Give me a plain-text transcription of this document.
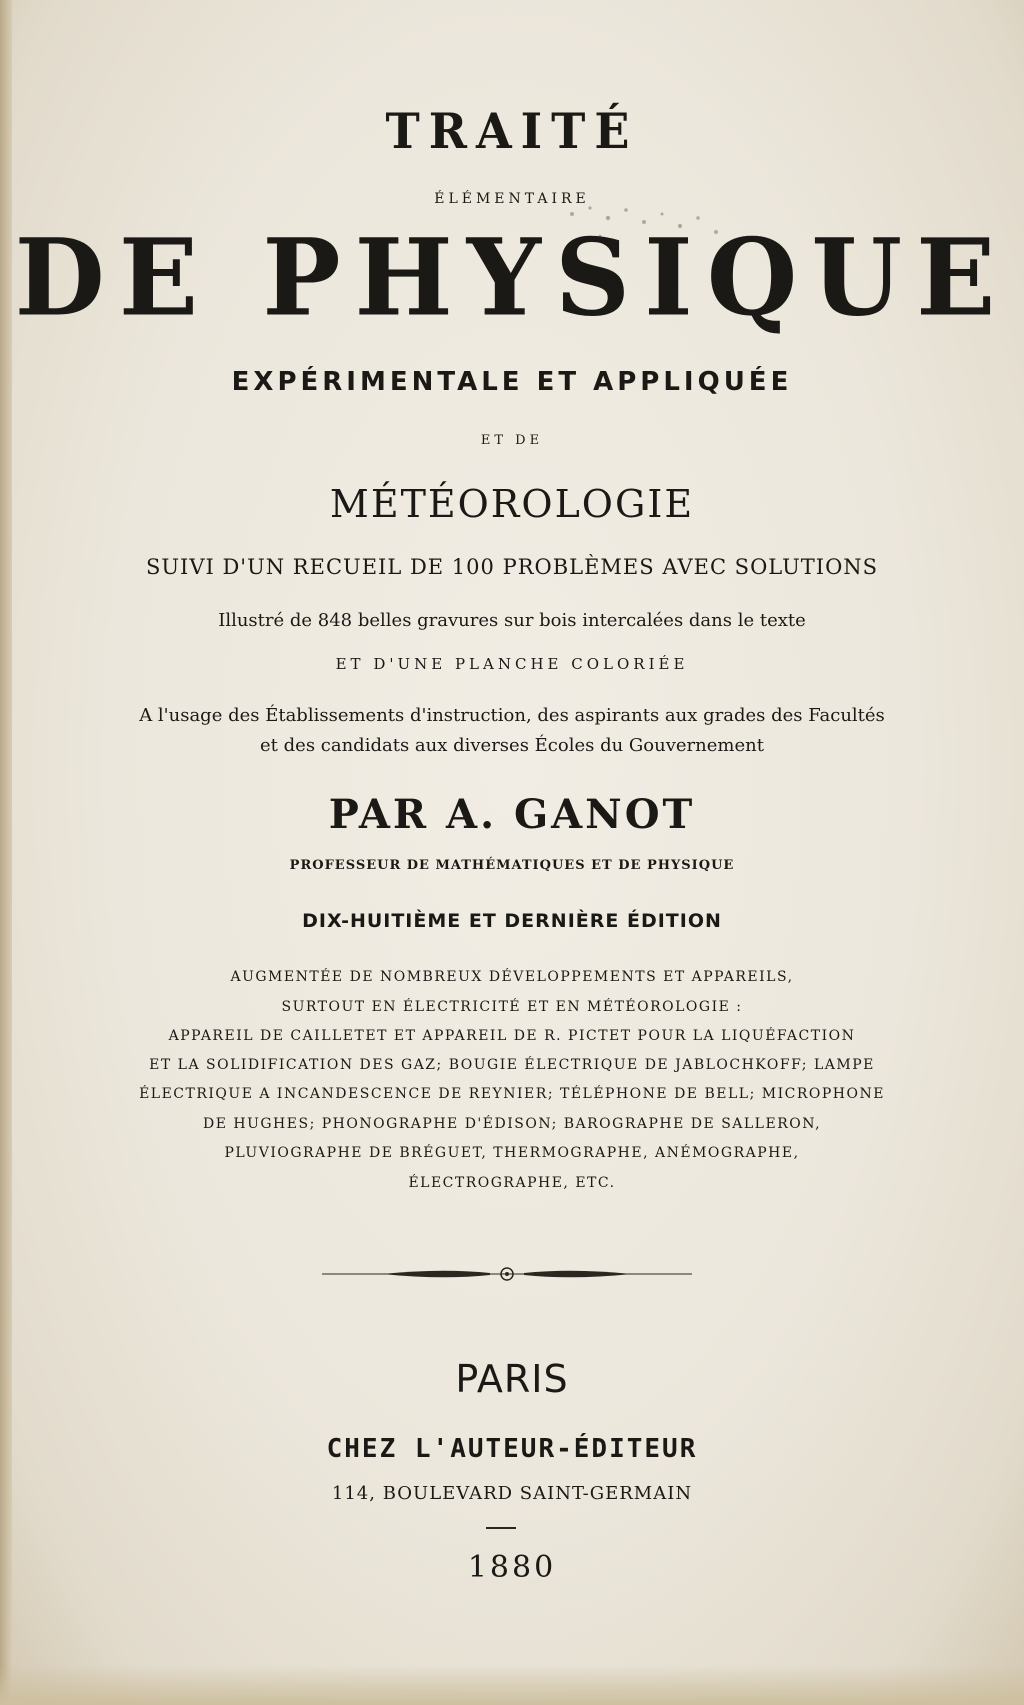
TRAITÉ
ÉLÉMENTAIRE
DE PHYSIQUE
EXPÉRIMENTALE ET APPLIQUÉE
ET DE
MÉTÉOROLOGIE
SUIVI D'UN RECUEIL DE 100 PROBLÈMES AVEC SOLUTIONS
Illustré de 848 belles gravures sur bois intercalées dans le texte
ET D'UNE PLANCHE COLORIÉE
A l'usage des Établissements d'instruction, des aspirants aux grades des Facultés
et des candidats aux diverses Écoles du Gouvernement
PAR A. GANOT
PROFESSEUR DE MATHÉMATIQUES ET DE PHYSIQUE
DIX-HUITIÈME ET DERNIÈRE ÉDITION
AUGMENTÉE DE NOMBREUX DÉVELOPPEMENTS ET APPAREILS,
SURTOUT EN ÉLECTRICITÉ ET EN MÉTÉOROLOGIE :
APPAREIL DE CAILLETET ET APPAREIL DE R. PICTET POUR LA LIQUÉFACTION
ET LA SOLIDIFICATION DES GAZ; BOUGIE ÉLECTRIQUE DE JABLOCHKOFF; LAMPE
ÉLECTRIQUE A INCANDESCENCE DE REYNIER; TÉLÉPHONE DE BELL; MICROPHONE
DE HUGHES; PHONOGRAPHE D'ÉDISON; BAROGRAPHE DE SALLERON,
PLUVIOGRAPHE DE BRÉGUET, THERMOGRAPHE, ANÉMOGRAPHE,
ÉLECTROGRAPHE, ETC.
PARIS
CHEZ L'AUTEUR-ÉDITEUR
114, BOULEVARD SAINT-GERMAIN
1880
